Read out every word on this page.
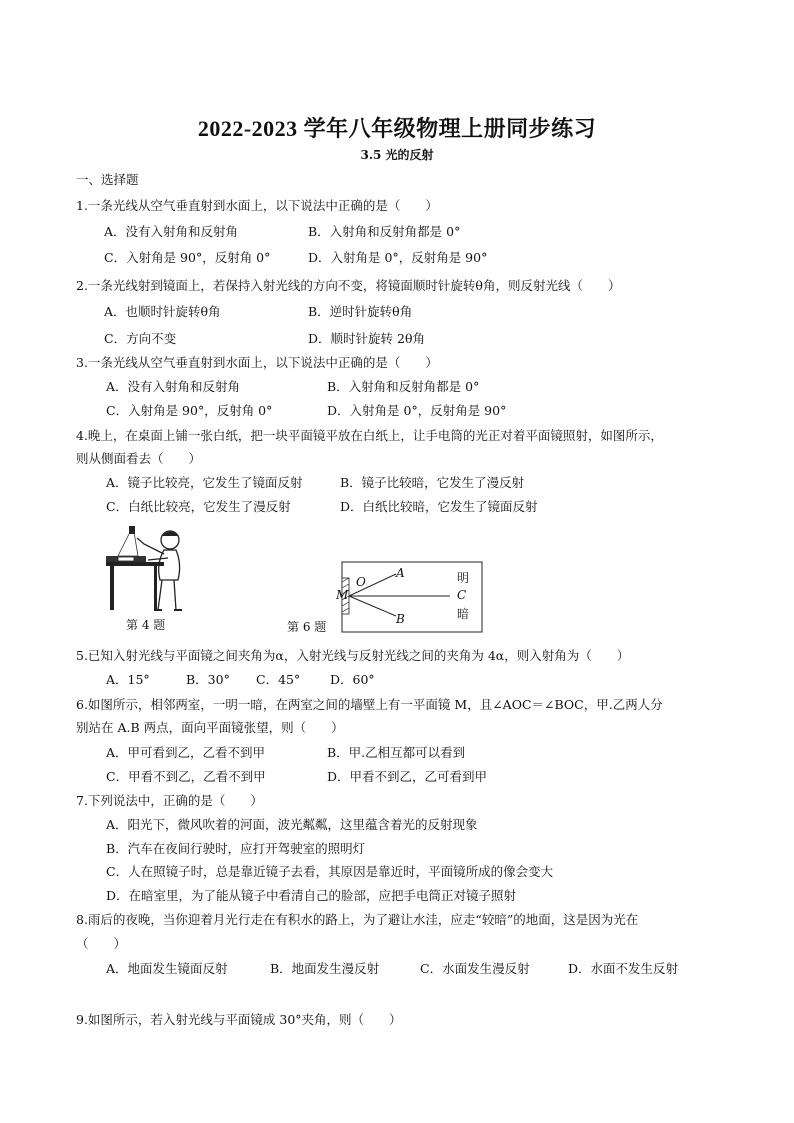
2022-2023 学年八年级物理上册同步练习
3.5 光的反射
一、选择题
1.一条光线从空气垂直射到水面上，以下说法中正确的是（　　）
A．没有入射角和反射角	B．入射角和反射角都是 0°
C．入射角是 90°，反射角 0°	D．入射角是 0°，反射角是 90°
2.一条光线射到镜面上，若保持入射光线的方向不变，将镜面顺时针旋转θ角，则反射光线（　　）
A．也顺时针旋转θ角	B．逆时针旋转θ角
C．方向不变	D．顺时针旋转 2θ角
3.一条光线从空气垂直射到水面上，以下说法中正确的是（　　）
A．没有入射角和反射角	B．入射角和反射角都是 0°
C．入射角是 90°，反射角 0°	D．入射角是 0°，反射角是 90°
4.晚上，在桌面上铺一张白纸，把一块平面镜平放在白纸上，让手电筒的光正对着平面镜照射，如图所示，
则从侧面看去（　　）
A．镜子比较亮，它发生了镜面反射	B．镜子比较暗，它发生了漫反射
C．白纸比较亮，它发生了漫反射	D．白纸比较暗，它发生了镜面反射
第 4 题
O
A
B
M	C
明
暗
第 6 题
5.已知入射光线与平面镜之间夹角为α，入射光线与反射光线之间的夹角为 4α，则入射角为（　　）
A．15°	B．30° C．45° D．60°
6.如图所示，相邻两室，一明一暗，在两室之间的墙壁上有一平面镜 M，且∠AOC＝∠BOC，甲.乙两人分
别站在 A.B 两点，面向平面镜张望，则（　　）
A．甲可看到乙，乙看不到甲	B．甲.乙相互都可以看到
C．甲看不到乙，乙看不到甲	D．甲看不到乙，乙可看到甲
7.下列说法中，正确的是（　　）
A．阳光下，微风吹着的河面，波光粼粼，这里蕴含着光的反射现象
B．汽车在夜间行驶时，应打开驾驶室的照明灯
C．人在照镜子时，总是靠近镜子去看，其原因是靠近时，平面镜所成的像会变大
D．在暗室里，为了能从镜子中看清自己的脸部，应把手电筒正对镜子照射
8.雨后的夜晚，当你迎着月光行走在有积水的路上，为了避让水洼，应走“较暗”的地面，这是因为光在
（　　）
A．地面发生镜面反射	B．地面发生漫反射	C．水面发生漫反射	D．水面不发生反射
9.如图所示，若入射光线与平面镜成 30°夹角，则（　　）
